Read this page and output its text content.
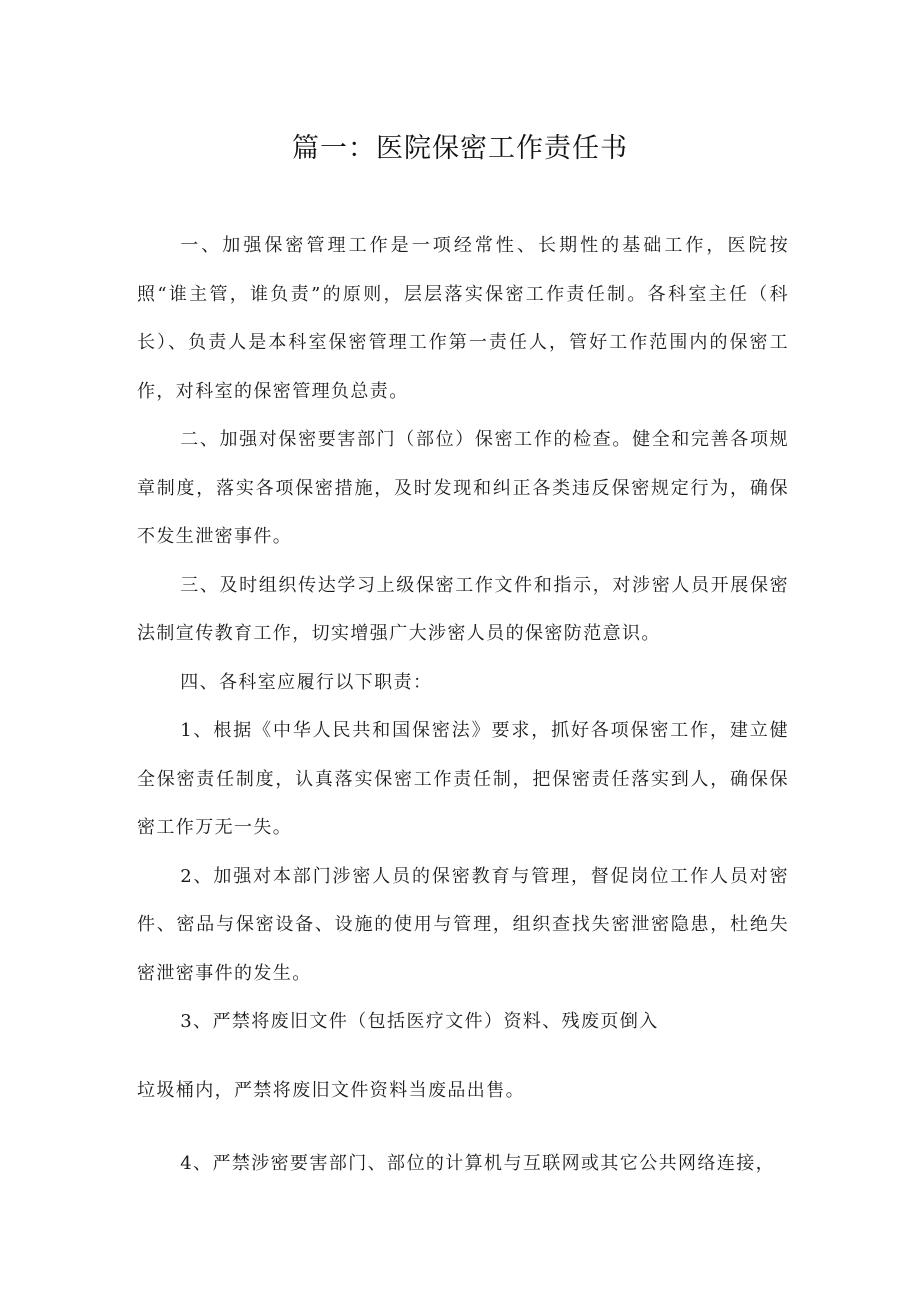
篇一：医院保密工作责任书

一、加强保密管理工作是一项经常性、长期性的基础工作，医院按照“谁主管，谁负责”的原则，层层落实保密工作责任制。各科室主任（科长）、负责人是本科室保密管理工作第一责任人，管好工作范围内的保密工作，对科室的保密管理负总责。

二、加强对保密要害部门（部位）保密工作的检查。健全和完善各项规章制度，落实各项保密措施，及时发现和纠正各类违反保密规定行为，确保不发生泄密事件。

三、及时组织传达学习上级保密工作文件和指示，对涉密人员开展保密法制宣传教育工作，切实增强广大涉密人员的保密防范意识。

四、各科室应履行以下职责：

1、根据《中华人民共和国保密法》要求，抓好各项保密工作，建立健全保密责任制度，认真落实保密工作责任制，把保密责任落实到人，确保保密工作万无一失。

2、加强对本部门涉密人员的保密教育与管理，督促岗位工作人员对密件、密品与保密设备、设施的使用与管理，组织查找失密泄密隐患，杜绝失密泄密事件的发生。

3、严禁将废旧文件（包括医疗文件）资料、残废页倒入

垃圾桶内，严禁将废旧文件资料当废品出售。

4、严禁涉密要害部门、部位的计算机与互联网或其它公共网络连接，
